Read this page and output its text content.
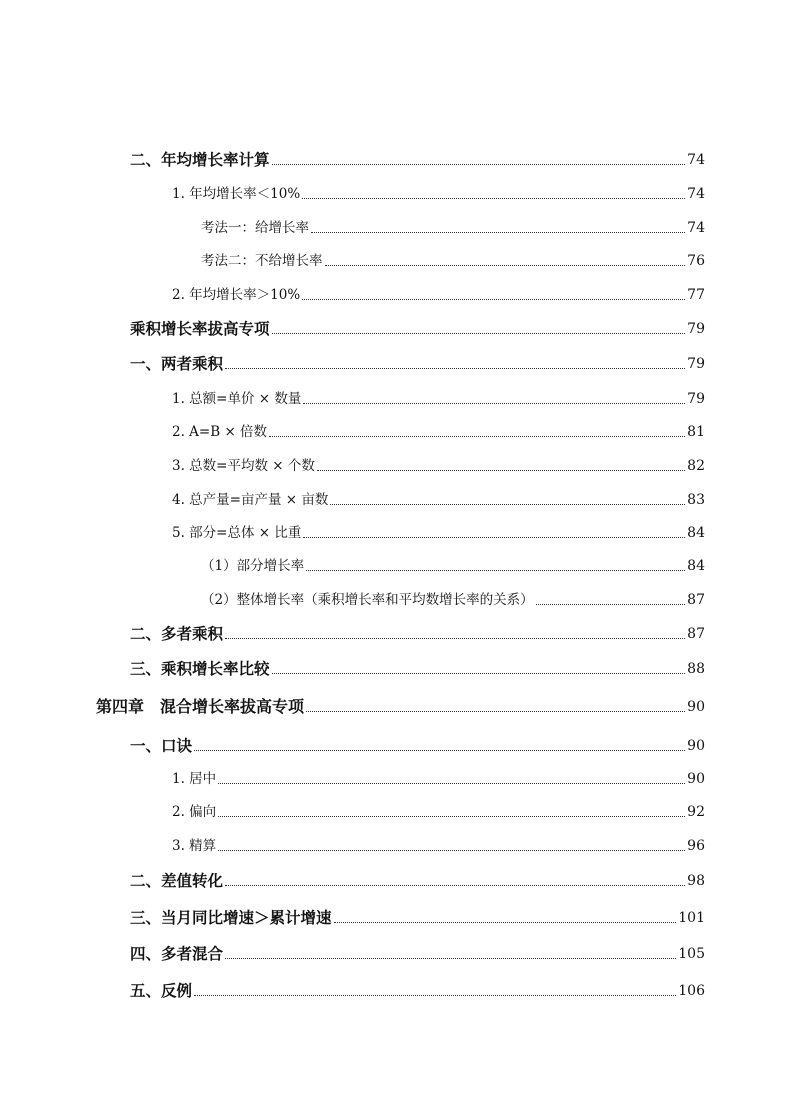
二、年均增长率计算	74
1. 年均增长率＜10%	74
考法一：给增长率	74
考法二：不给增长率	76
2. 年均增长率＞10%	77
乘积增长率拔高专项	79
一、两者乘积	79
1. 总额=单价 × 数量	79
2. A=B × 倍数	81
3. 总数=平均数 × 个数	82
4. 总产量=亩产量 × 亩数	83
5. 部分=总体 × 比重	84
（1）部分增长率	84
（2）整体增长率（乘积增长率和平均数增长率的关系）	87
二、多者乘积	87
三、乘积增长率比较	88
第四章　混合增长率拔高专项	90
一、口诀	90
1. 居中	90
2. 偏向	92
3. 精算	96
二、差值转化	98
三、当月同比增速＞累计增速	101
四、多者混合	105
五、反例	106
